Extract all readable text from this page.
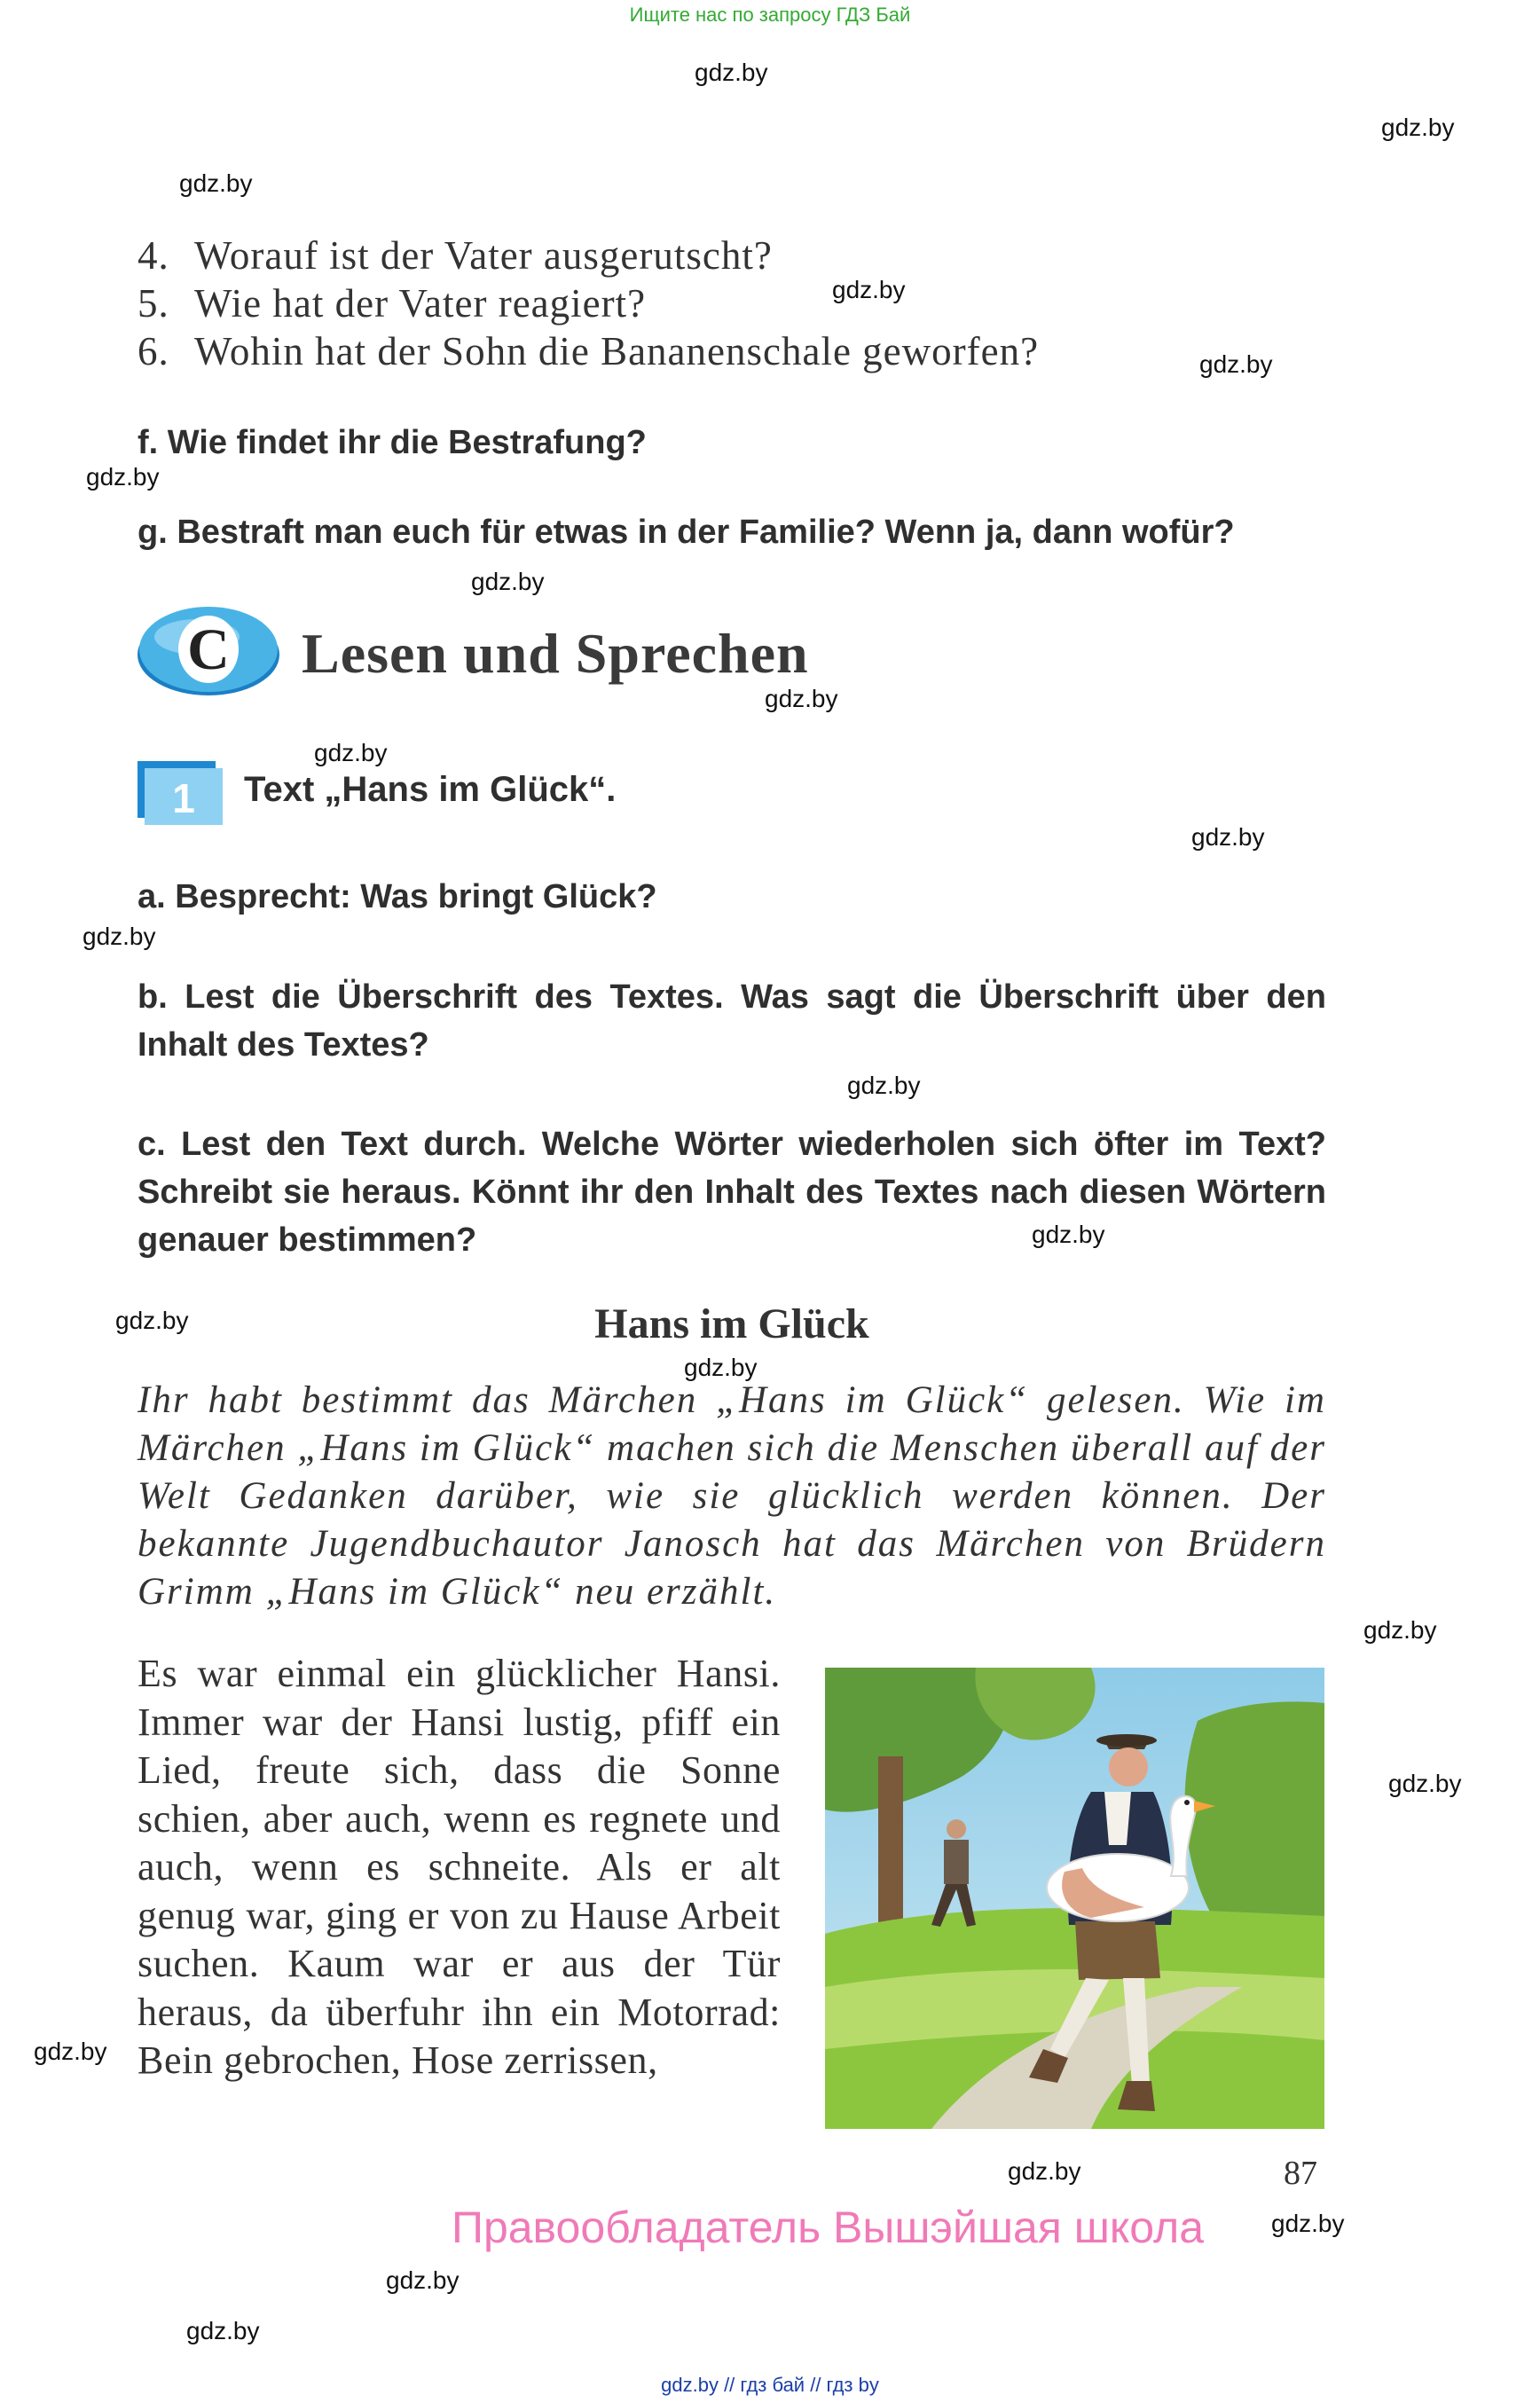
Ищите нас по запросу ГДЗ Бай
gdz.by
gdz.by
gdz.by
gdz.by
gdz.by
gdz.by
gdz.by
gdz.by
gdz.by
gdz.by
gdz.by
gdz.by
gdz.by
gdz.by
gdz.by
gdz.by
gdz.by
gdz.by
gdz.by
gdz.by
gdz.by
gdz.by
4. Worauf ist der Vater ausgerutscht?
5. Wie hat der Vater reagiert?
6. Wohin hat der Sohn die Bananenschale geworfen?
f. Wie findet ihr die Bestrafung?
g. Bestraft man euch für etwas in der Familie? Wenn ja, dann wofür?
C Lesen und Sprechen
1 Text „Hans im Glück“.
a. Besprecht: Was bringt Glück?
b. Lest die Überschrift des Textes. Was sagt die Überschrift über den Inhalt des Textes?
c. Lest den Text durch. Welche Wörter wiederholen sich öfter im Text? Schreibt sie heraus. Könnt ihr den Inhalt des Textes nach diesen Wörtern genauer bestimmen?
Hans im Glück

Ihr habt bestimmt das Märchen „Hans im Glück“ gelesen. Wie im Märchen „Hans im Glück“ machen sich die Menschen überall auf der Welt Gedanken darüber, wie sie glücklich werden können. Der bekannte Jugendbuchautor Janosch hat das Märchen von Brüdern Grimm „Hans im Glück“ neu erzählt.

Es war einmal ein glücklicher Hansi. Immer war der Hansi lustig, pfiff ein Lied, freute sich, dass die Sonne schien, aber auch, wenn es regnete und auch, wenn es schneite. Als er alt genug war, ging er von zu Hause Arbeit suchen. Kaum war er aus der Tür heraus, da überfuhr ihn ein Motorrad: Bein gebrochen, Hose zerrissen,
87
Правообладатель Вышэйшая школа
gdz.by // гдз бай // гдз by
